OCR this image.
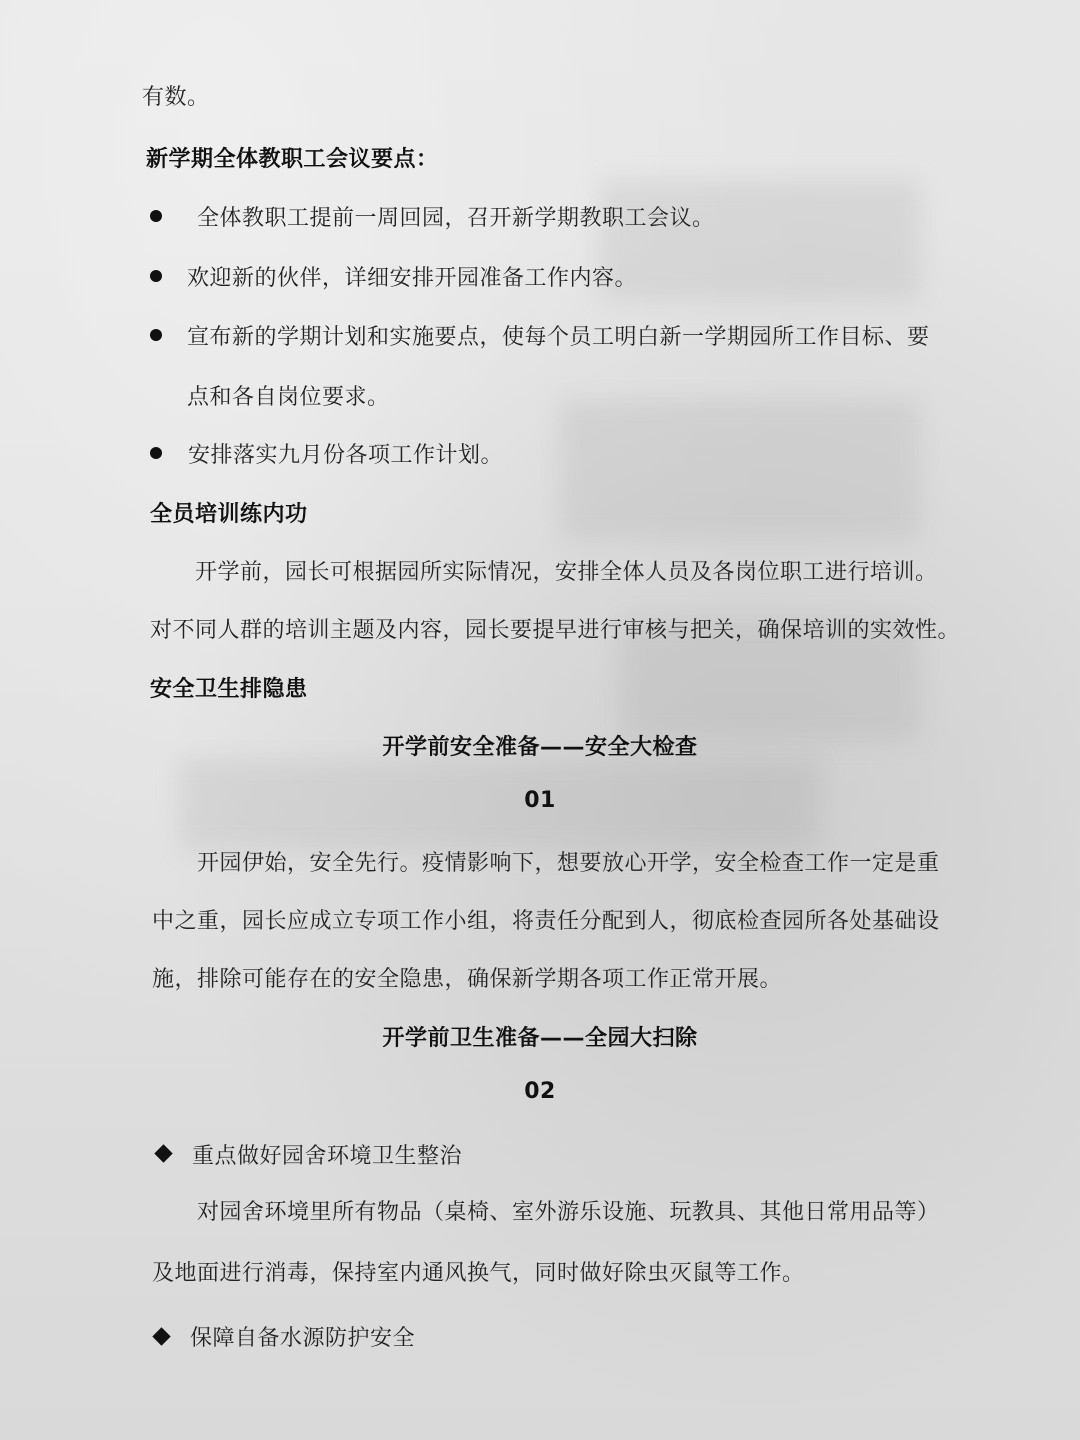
有数。
新学期全体教职工会议要点：
全体教职工提前一周回园，召开新学期教职工会议。
欢迎新的伙伴，详细安排开园准备工作内容。
宣布新的学期计划和实施要点，使每个员工明白新一学期园所工作目标、要
点和各自岗位要求。
安排落实九月份各项工作计划。
全员培训练内功
开学前，园长可根据园所实际情况，安排全体人员及各岗位职工进行培训。
对不同人群的培训主题及内容，园长要提早进行审核与把关，确保培训的实效性。
安全卫生排隐患
开学前安全准备——安全大检查
01
开园伊始，安全先行。疫情影响下，想要放心开学，安全检查工作一定是重
中之重，园长应成立专项工作小组，将责任分配到人，彻底检查园所各处基础设
施，排除可能存在的安全隐患，确保新学期各项工作正常开展。
开学前卫生准备——全园大扫除
02
重点做好园舍环境卫生整治
对园舍环境里所有物品（桌椅、室外游乐设施、玩教具、其他日常用品等）
及地面进行消毒，保持室内通风换气，同时做好除虫灭鼠等工作。
保障自备水源防护安全
